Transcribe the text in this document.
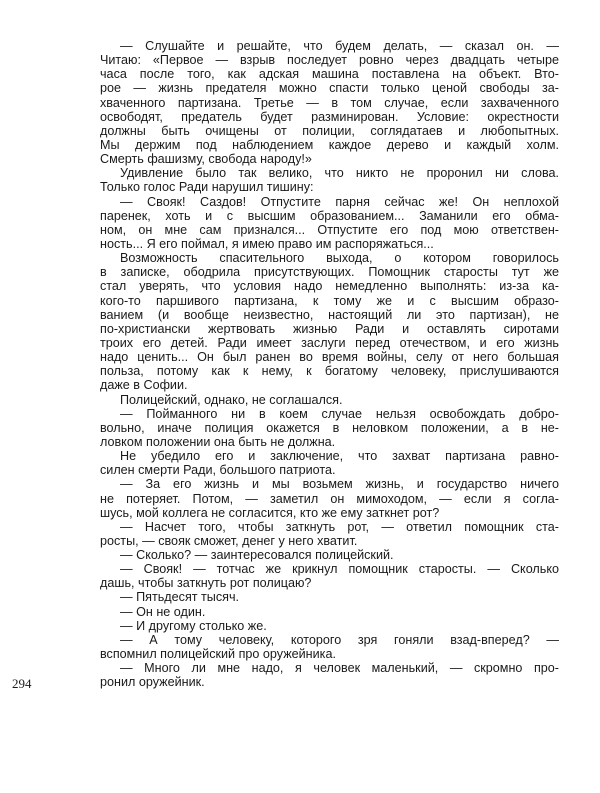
— Слушайте и решайте, что будем делать, — сказал он. —
Читаю: «Первое — взрыв последует ровно через двадцать четыре
часа после того, как адская машина поставлена на объект. Вто-
рое — жизнь предателя можно спасти только ценой свободы за-
хваченного партизана. Третье — в том случае, если захваченного
освободят, предатель будет разминирован. Условие: окрестности
должны быть очищены от полиции, соглядатаев и любопытных.
Мы держим под наблюдением каждое дерево и каждый холм.
Смерть фашизму, свобода народу!»
Удивление было так велико, что никто не проронил ни слова.
Только голос Ради нарушил тишину:
— Свояк! Саздов! Отпустите парня сейчас же! Он неплохой
паренек, хоть и с высшим образованием... Заманили его обма-
ном, он мне сам признался... Отпустите его под мою ответствен-
ность... Я его поймал, я имею право им распоряжаться...
Возможность спасительного выхода, о котором говорилось
в записке, ободрила присутствующих. Помощник старосты тут же
стал уверять, что условия надо немедленно выполнять: из-за ка-
кого-то паршивого партизана, к тому же и с высшим образо-
ванием (и вообще неизвестно, настоящий ли это партизан), не
по-христиански жертвовать жизнью Ради и оставлять сиротами
троих его детей. Ради имеет заслуги перед отечеством, и его жизнь
надо ценить... Он был ранен во время войны, селу от него большая
польза, потому как к нему, к богатому человеку, прислушиваются
даже в Софии.
Полицейский, однако, не соглашался.
— Пойманного ни в коем случае нельзя освобождать добро-
вольно, иначе полиция окажется в неловком положении, а в не-
ловком положении она быть не должна.
Не убедило его и заключение, что захват партизана равно-
силен смерти Ради, большого патриота.
— За его жизнь и мы возьмем жизнь, и государство ничего
не потеряет. Потом, — заметил он мимоходом, — если я согла-
шусь, мой коллега не согласится, кто же ему заткнет рот?
— Насчет того, чтобы заткнуть рот, — ответил помощник ста-
росты, — свояк сможет, денег у него хватит.
— Сколько? — заинтересовался полицейский.
— Свояк! — тотчас же крикнул помощник старосты. — Сколько
дашь, чтобы заткнуть рот полицаю?
— Пятьдесят тысяч.
— Он не один.
— И другому столько же.
— А тому человеку, которого зря гоняли взад-вперед? —
вспомнил полицейский про оружейника.
— Много ли мне надо, я человек маленький, — скромно про-
ронил оружейник.
294
